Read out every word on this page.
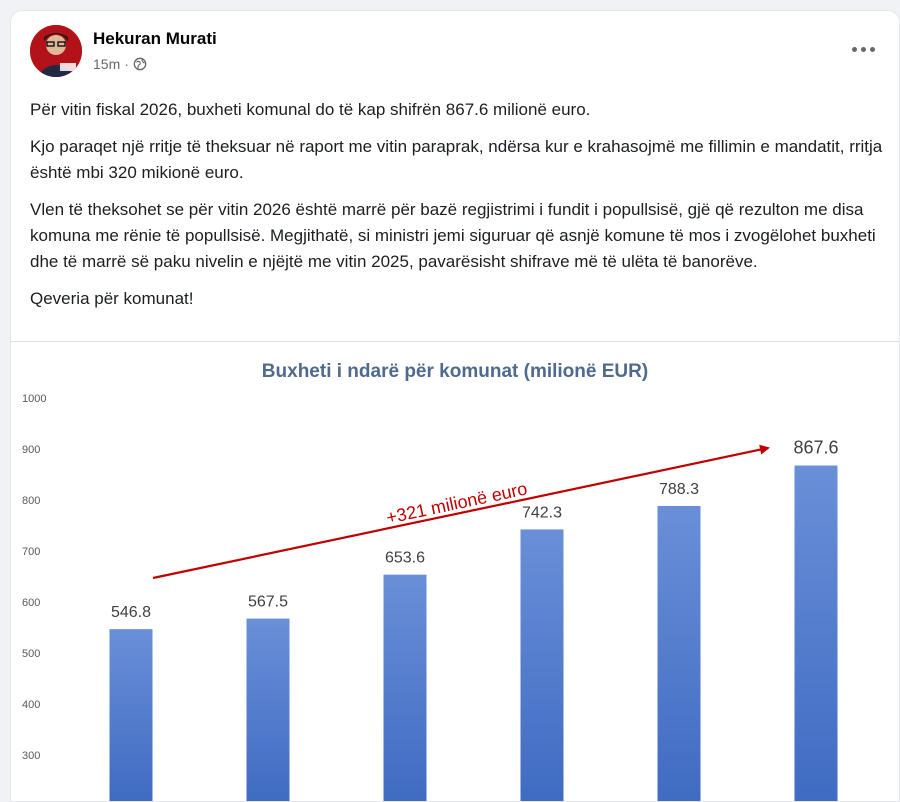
Hekuran Murati
15m ·

Për vitin fiskal 2026, buxheti komunal do të kap shifrën 867.6 milionë euro.

Kjo paraqet një rritje të theksuar në raport me vitin paraprak, ndërsa kur e krahasojmë me fillimin e mandatit, rritja është mbi 320 mikionë euro.

Vlen të theksohet se për vitin 2026 është marrë për bazë regjistrimi i fundit i popullsisë, gjë që rezulton me disa komuna me rënie të popullsisë. Megjithatë, si ministri jemi siguruar që asnjë komune të mos i zvogëlohet buxheti dhe të marrë së paku nivelin e njëjtë me vitin 2025, pavarësisht shifrave më të ulëta të banorëve.

Qeveria për komunat!

Buxheti i ndarë për komunat (milionë EUR)
1000
900
800
700
600
500
400
300
546.8
567.5
653.6
742.3
788.3
867.6
+321 milionë euro
